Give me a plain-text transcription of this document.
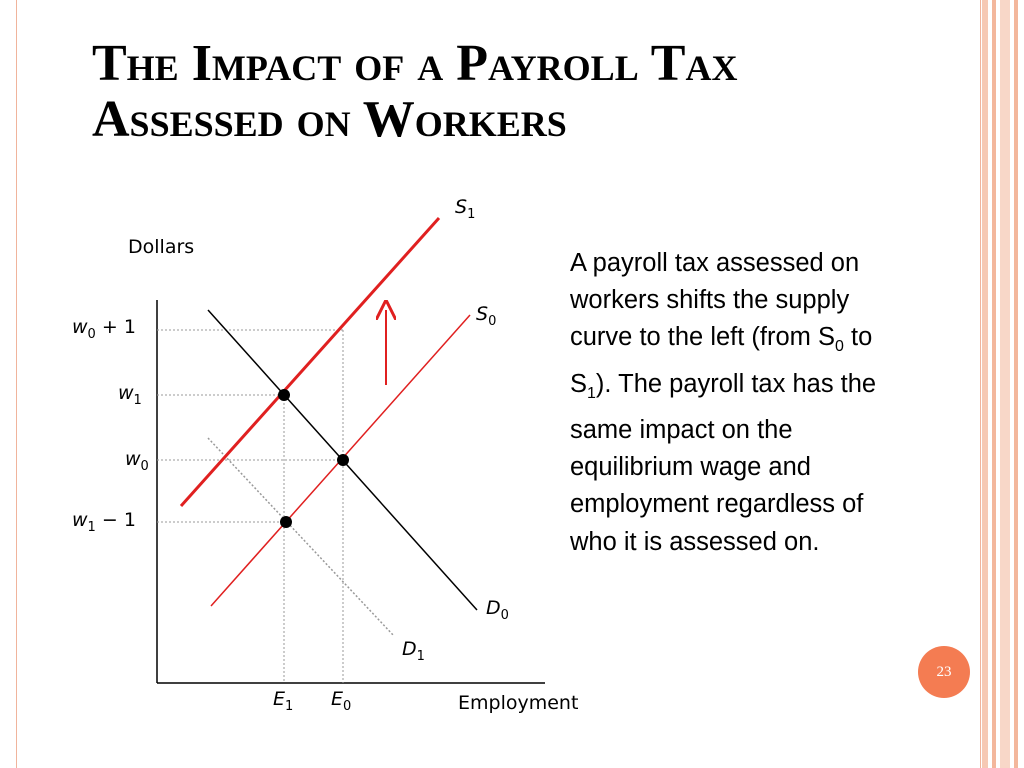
The Impact of a Payroll Tax
Assessed on Workers
Dollars
Employment
$S_1$
$S_0$
$D_0$
$D_1$
$w_0 + 1$
$w_1$
$w_0$
$w_1 - 1$
$E_1$ $E_0$
A payroll tax assessed on workers shifts the supply curve to the left (from $S_0$ to $S_1$). The payroll tax has the same impact on the equilibrium wage and employment regardless of who it is assessed on.
23
